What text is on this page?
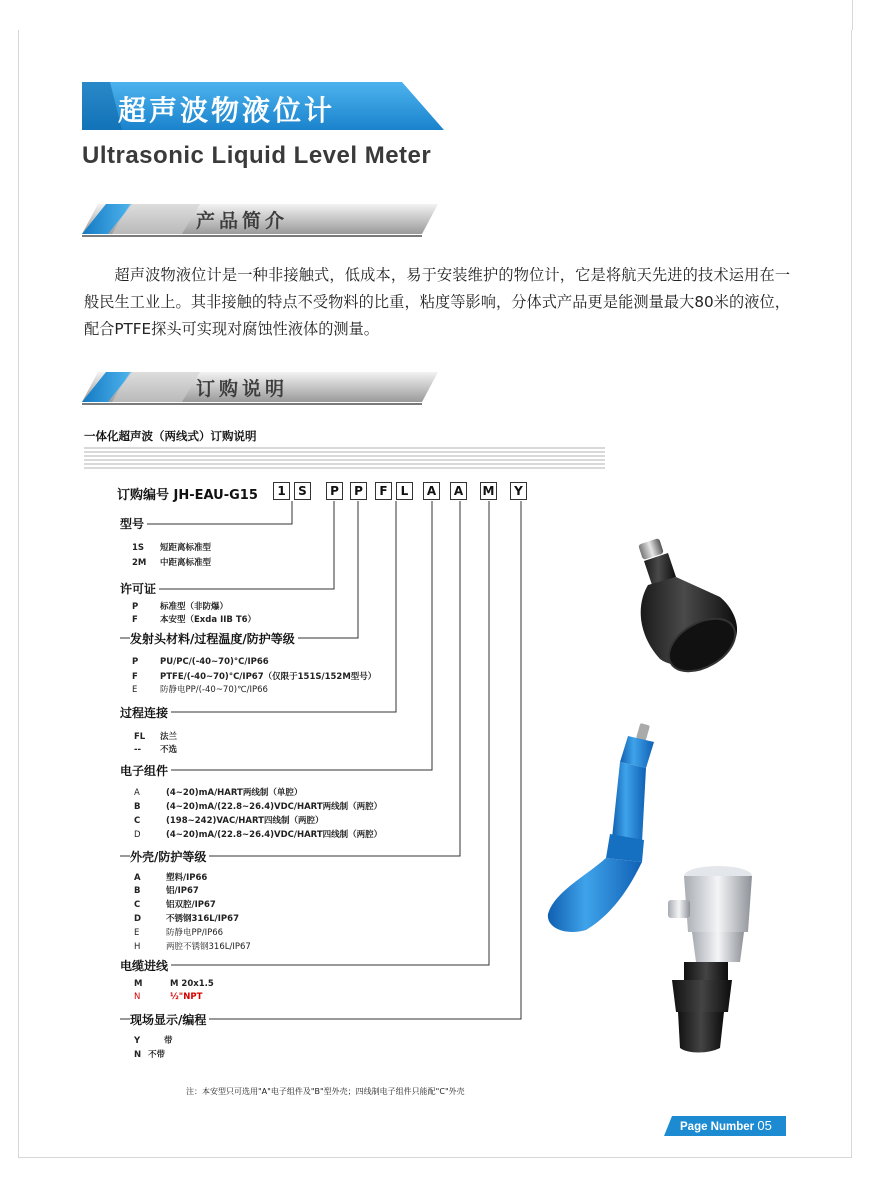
超声波物液位计
Ultrasonic Liquid Level Meter
产品简介
超声波物液位计是一种非接触式，低成本，易于安装维护的物位计，它是将航天先进的技术运用在一般民生工业上。其非接触的特点不受物料的比重，粘度等影响，分体式产品更是能测量最大80米的液位，配合PTFE探头可实现对腐蚀性液体的测量。
订购说明
一体化超声波（两线式）订购说明
订购编号 JH-EAU-G15	1	S	P	P	F	L	A	A	M	Y
型号
1S 短距离标准型
2M 中距离标准型
许可证
P	标准型（非防爆）
F	本安型（Exda IIB T6）
发射头材料/过程温度/防护等级
P	PU/PC/(-40~70)°C/IP66
F	PTFE/(-40~70)°C/IP67（仅限于151S/152M型号）
E	防静电PP/(-40~70)℃/IP66
过程连接
FL 法兰
-- 不选
电子组件
A	(4~20)mA/HART两线制（单腔）
B	(4~20)mA/(22.8~26.4)VDC/HART两线制（两腔）
C	(198~242)VAC/HART四线制（两腔）
D	(4~20)mA/(22.8~26.4)VDC/HART四线制（两腔）
外壳/防护等级
A	塑料/IP66
B	铝/IP67
C	铝双腔/IP67
D	不锈钢316L/IP67
E	防静电PP/IP66
H	两腔不锈钢316L/IP67
电缆进线
M	M 20x1.5
N	½"NPT
现场显示/编程
Y	带
N 不带
注：本安型只可选用"A"电子组件及"B"型外壳；四线制电子组件只能配"C"外壳
Page Number 05
